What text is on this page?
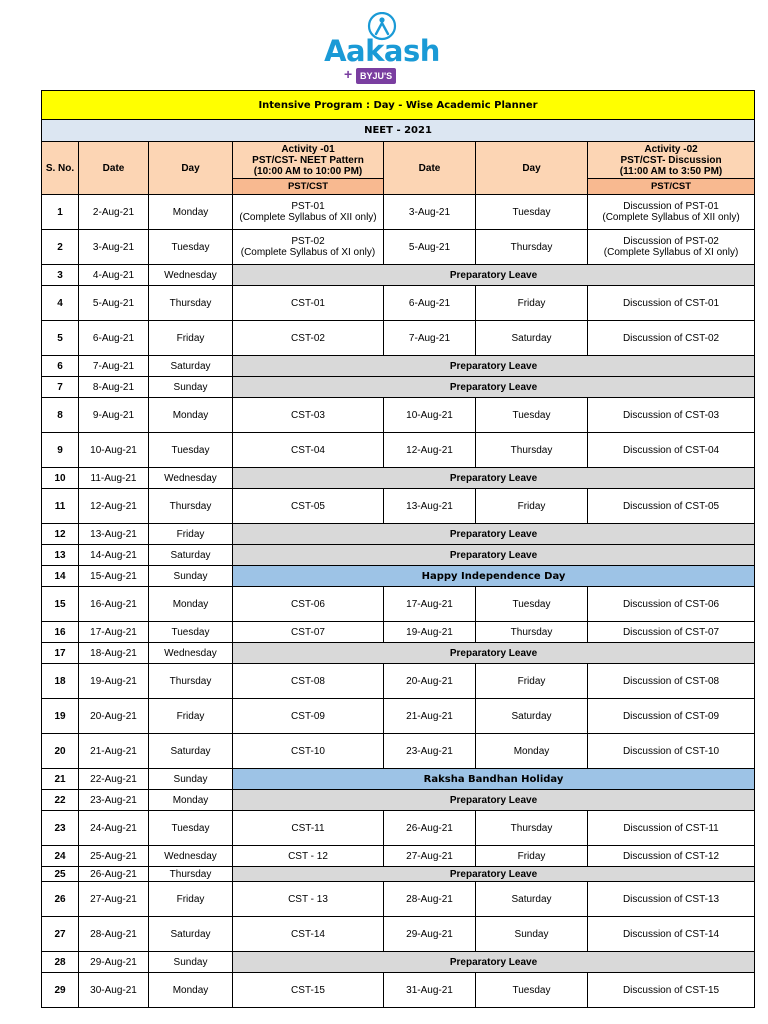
Aakash
+ BYJU'S
Intensive Program : Day - Wise Academic Planner						
NEET - 2021						
S. No.	Date	Day	Activity -01
PST/CST- NEET Pattern
(10:00 AM to 10:00 PM)	Date	Day	Activity -02
PST/CST- Discussion
(11:00 AM to 3:50 PM)

			PST/CST			PST/CST
1	2-Aug-21	Monday	PST-01
(Complete Syllabus of XII only)	3-Aug-21	Tuesday	Discussion of PST-01
(Complete Syllabus of XII only)

2	3-Aug-21	Tuesday	PST-02
(Complete Syllabus of XI only)	5-Aug-21	Thursday	Discussion of PST-02
(Complete Syllabus of XI only)

3	4-Aug-21	Wednesday	Preparatory Leave			
4	5-Aug-21	Thursday	CST-01	6-Aug-21	Friday	Discussion of CST-01

5	6-Aug-21	Friday	CST-02	7-Aug-21	Saturday	Discussion of CST-02

6	7-Aug-21	Saturday	Preparatory Leave			
7	8-Aug-21	Sunday	Preparatory Leave			
8	9-Aug-21	Monday	CST-03	10-Aug-21	Tuesday	Discussion of CST-03

9	10-Aug-21	Tuesday	CST-04	12-Aug-21	Thursday	Discussion of CST-04

10	11-Aug-21	Wednesday	Preparatory Leave			
11	12-Aug-21	Thursday	CST-05	13-Aug-21	Friday	Discussion of CST-05

12	13-Aug-21	Friday	Preparatory Leave			
13	14-Aug-21	Saturday	Preparatory Leave			
14	15-Aug-21	Sunday	Happy Independence Day			
15	16-Aug-21	Monday	CST-06	17-Aug-21	Tuesday	Discussion of CST-06

16	17-Aug-21	Tuesday	CST-07	19-Aug-21	Thursday	Discussion of CST-07

17	18-Aug-21	Wednesday	Preparatory Leave			
18	19-Aug-21	Thursday	CST-08	20-Aug-21	Friday	Discussion of CST-08

19	20-Aug-21	Friday	CST-09	21-Aug-21	Saturday	Discussion of CST-09

20	21-Aug-21	Saturday	CST-10	23-Aug-21	Monday	Discussion of CST-10

21	22-Aug-21	Sunday	Raksha Bandhan Holiday			
22	23-Aug-21	Monday	Preparatory Leave			
23	24-Aug-21	Tuesday	CST-11	26-Aug-21	Thursday	Discussion of CST-11

24	25-Aug-21	Wednesday	CST - 12	27-Aug-21	Friday	Discussion of CST-12

25	26-Aug-21	Thursday	Preparatory Leave			
26	27-Aug-21	Friday	CST - 13	28-Aug-21	Saturday	Discussion of CST-13

27	28-Aug-21	Saturday	CST-14	29-Aug-21	Sunday	Discussion of CST-14

28	29-Aug-21	Sunday	Preparatory Leave			
29	30-Aug-21	Monday	CST-15	31-Aug-21	Tuesday	Discussion of CST-15
